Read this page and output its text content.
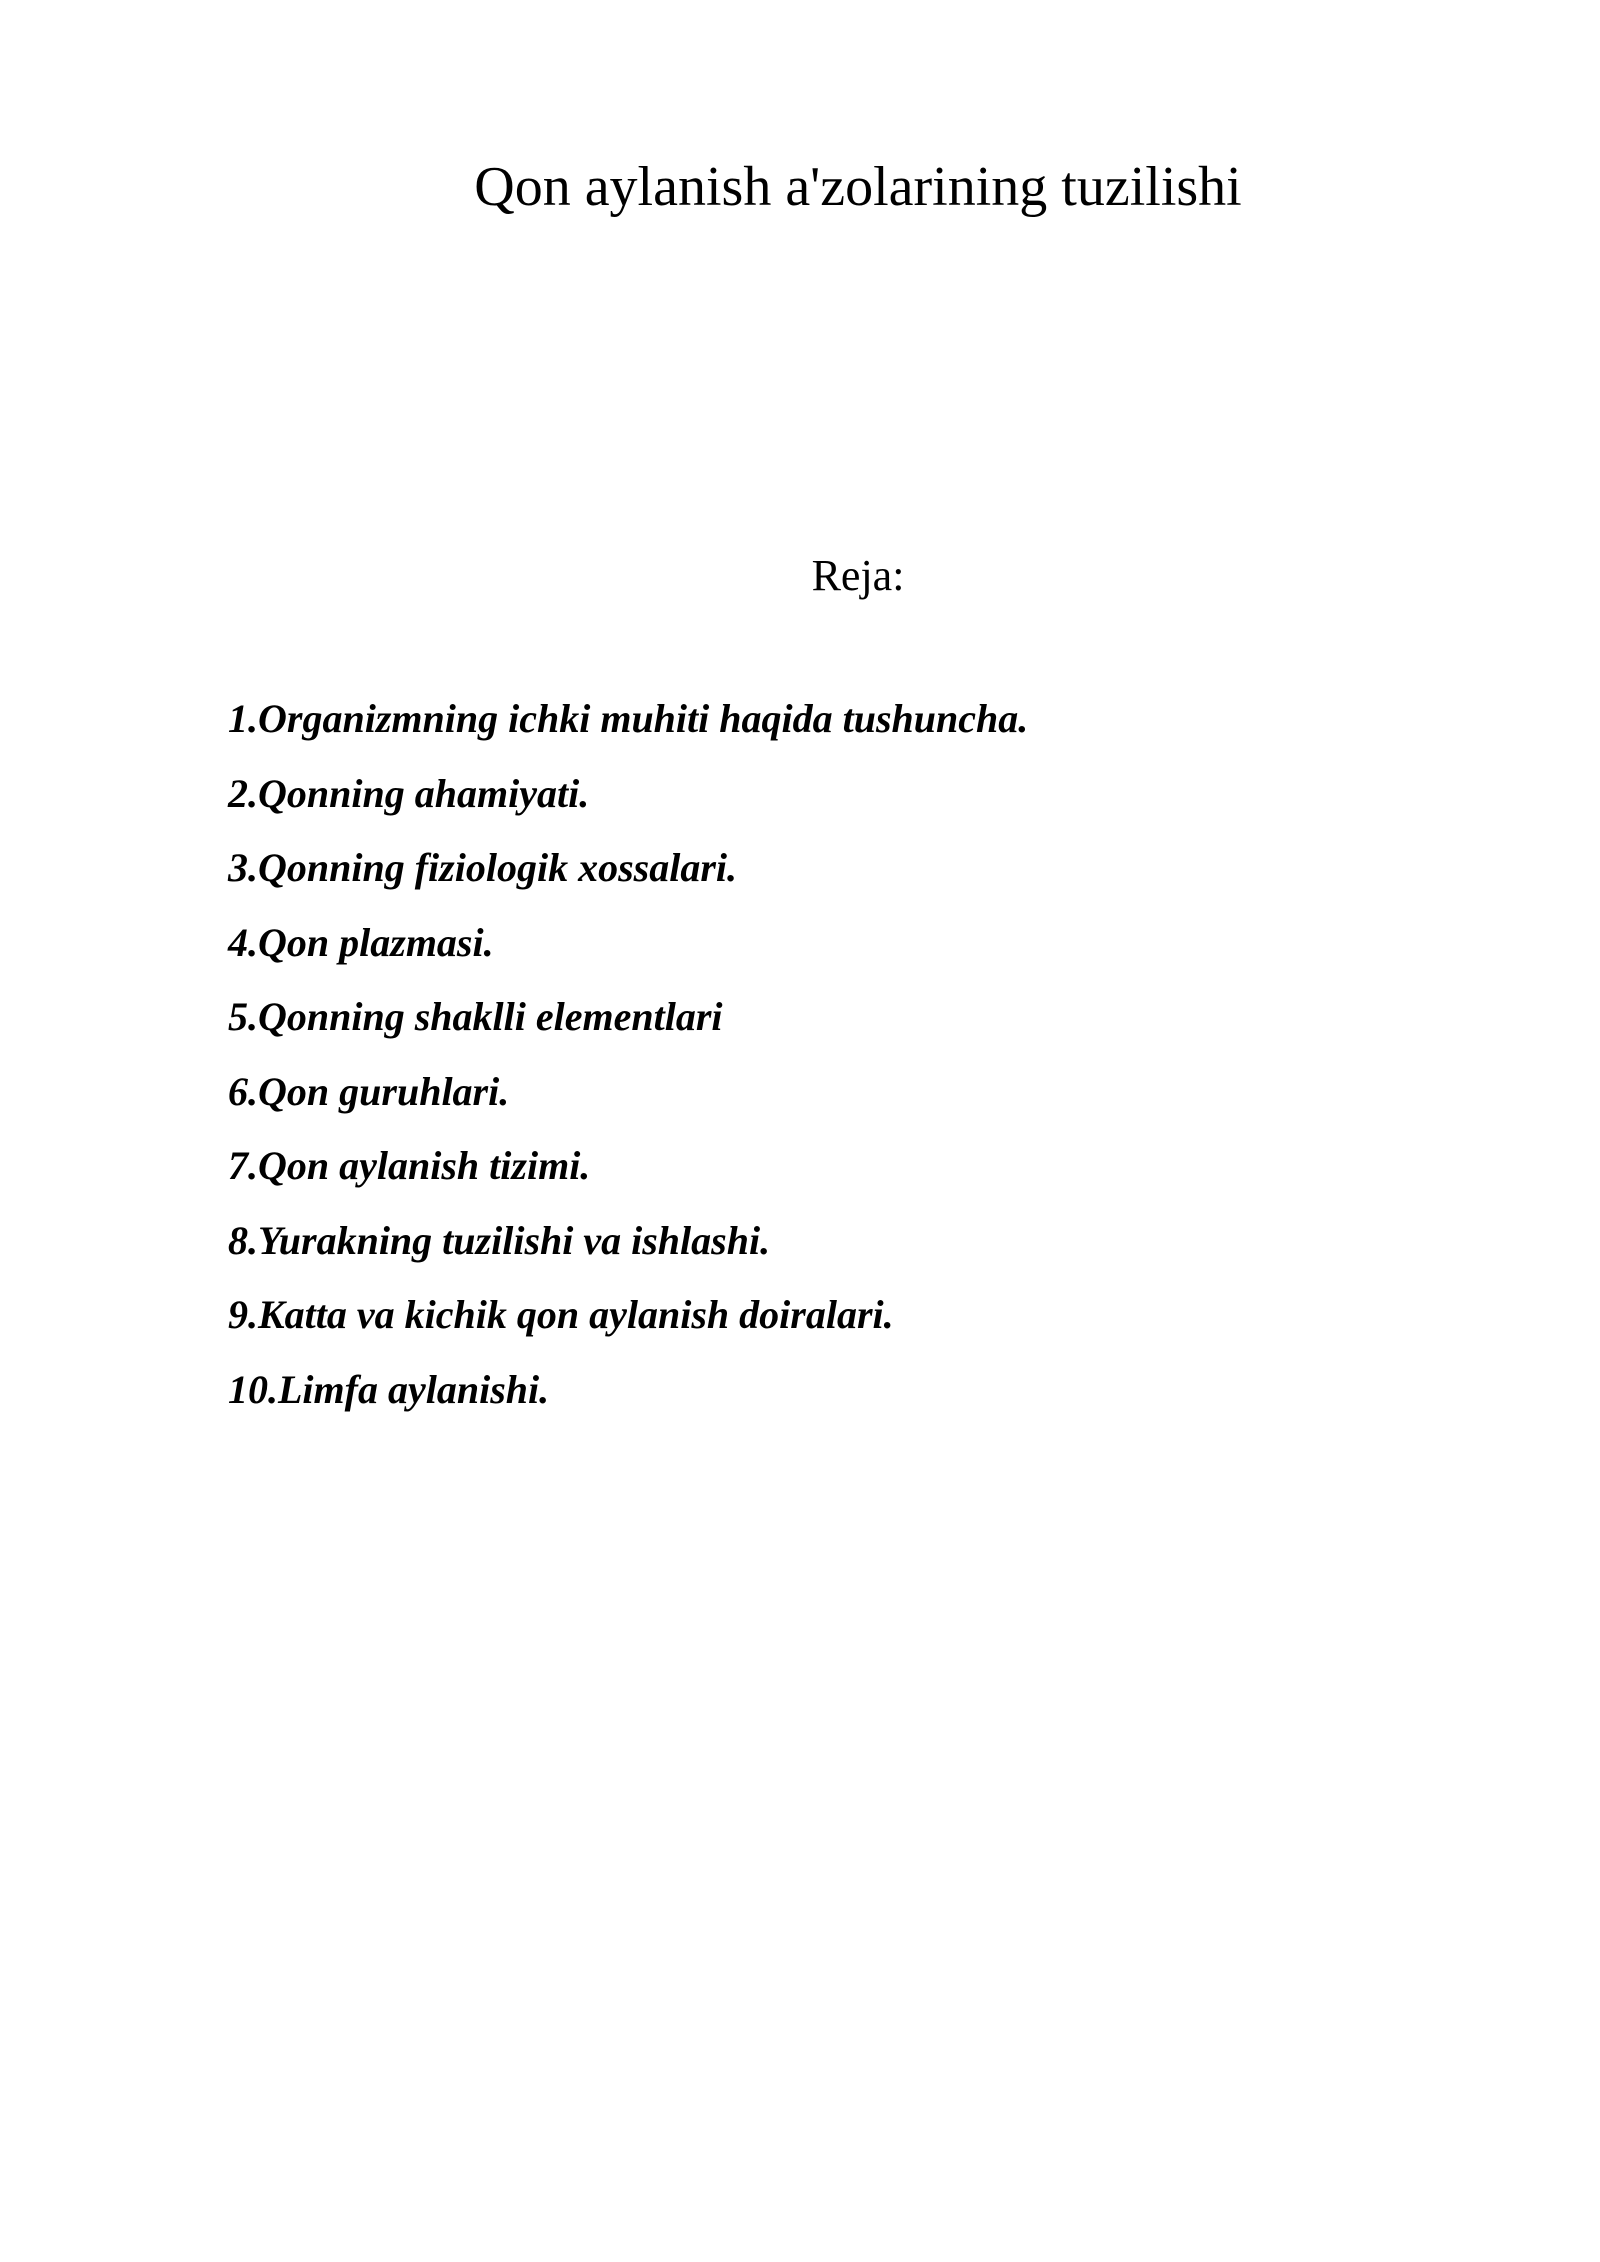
Qon aylanish a'zolarining tuzilishi
Reja:
1.Organizmning ichki muhiti haqida tushuncha.
2.Qonning ahamiyati.
3.Qonning fiziologik xossalari.
4.Qon plazmasi.
5.Qonning shaklli elementlari
6.Qon guruhlari.
7.Qon aylanish tizimi.
8.Yurakning tuzilishi va ishlashi.
9.Katta va kichik qon aylanish doiralari.
10.Limfa aylanishi.
